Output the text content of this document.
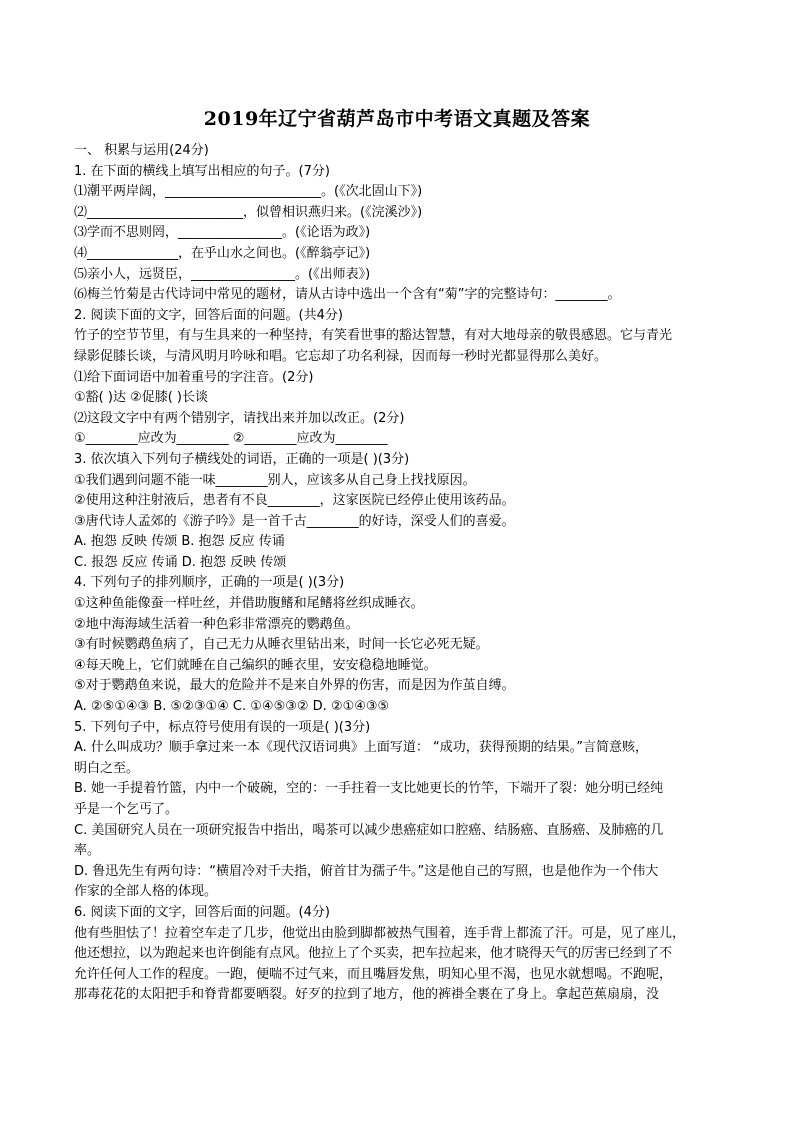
2019年辽宁省葫芦岛市中考语文真题及答案

一、 积累与运用(24分)

1. 在下面的横线上填写出相应的句子。(7分)

⑴潮平两岸阔，________________________。(《次北固山下》)

⑵________________________，似曾相识燕归来。(《浣溪沙》)

⑶学而不思则罔，________________。(《论语为政》)

⑷______________，在乎山水之间也。(《醉翁亭记》)

⑸亲小人，远贤臣，________________。(《出师表》)

⑹梅兰竹菊是古代诗词中常见的题材，请从古诗中选出一个含有“菊”字的完整诗句：________。

2. 阅读下面的文字，回答后面的问题。(共4分)

竹子的空节节里，有与生具来的一种坚持，有笑看世事的豁达智慧，有对大地母亲的敬畏感恩。它与青光

绿影促膝长谈，与清风明月吟咏和唱。它忘却了功名利禄，因而每一秒时光都显得那么美好。

⑴给下面词语中加着重号的字注音。(2分)

①豁( )达 ②促膝( )长谈

⑵这段文字中有两个错别字，请找出来并加以改正。(2分)

①________应改为________ ②________应改为________

3. 依次填入下列句子横线处的词语，正确的一项是( )(3分)

①我们遇到问题不能一味________别人，应该多从自己身上找找原因。

②使用这种注射液后，患者有不良________，这家医院已经停止使用该药品。

③唐代诗人孟郊的《游子吟》是一首千古________的好诗，深受人们的喜爱。

A. 抱怨 反映 传颂 B. 抱怨 反应 传诵

C. 报怨 反应 传诵 D. 抱怨 反映 传颂

4. 下列句子的排列顺序，正确的一项是( )(3分)

①这种鱼能像蚕一样吐丝，并借助腹鳍和尾鳍将丝织成睡衣。

②地中海海域生活着一种色彩非常漂亮的鹦鹉鱼。

③有时候鹦鹉鱼病了，自己无力从睡衣里钻出来，时间一长它必死无疑。

④每天晚上，它们就睡在自己编织的睡衣里，安安稳稳地睡觉。

⑤对于鹦鹉鱼来说，最大的危险并不是来自外界的伤害，而是因为作茧自缚。

A. ②⑤①④③ B. ⑤②③①④ C. ①④⑤③② D. ②①④③⑤

5. 下列句子中，标点符号使用有误的一项是( )(3分)

A. 什么叫成功？顺手拿过来一本《现代汉语词典》上面写道： “成功，获得预期的结果。”言简意赅，

明白之至。

B. 她一手提着竹篮，内中一个破碗，空的：一手拄着一支比她更长的竹竿，下端开了裂：她分明已经纯

乎是一个乞丐了。

C. 美国研究人员在一项研究报告中指出，喝茶可以减少患癌症如口腔癌、结肠癌、直肠癌、及肺癌的几

率。

D. 鲁迅先生有两句诗：“横眉冷对千夫指，俯首甘为孺子牛。”这是他自己的写照，也是他作为一个伟大

作家的全部人格的体现。

6. 阅读下面的文字，回答后面的问题。(4分)

他有些胆怯了！拉着空车走了几步，他觉出由脸到脚都被热气围着，连手背上都流了汗。可是，见了座儿，

他还想拉，以为跑起来也许倒能有点风。他拉上了个买卖，把车拉起来，他才晓得天气的厉害已经到了不

允许任何人工作的程度。一跑，便喘不过气来，而且嘴唇发焦，明知心里不渴，也见水就想喝。不跑呢，

那毒花花的太阳把手和脊背都要晒裂。好歹的拉到了地方，他的裤褂全裹在了身上。拿起芭蕉扇扇，没
